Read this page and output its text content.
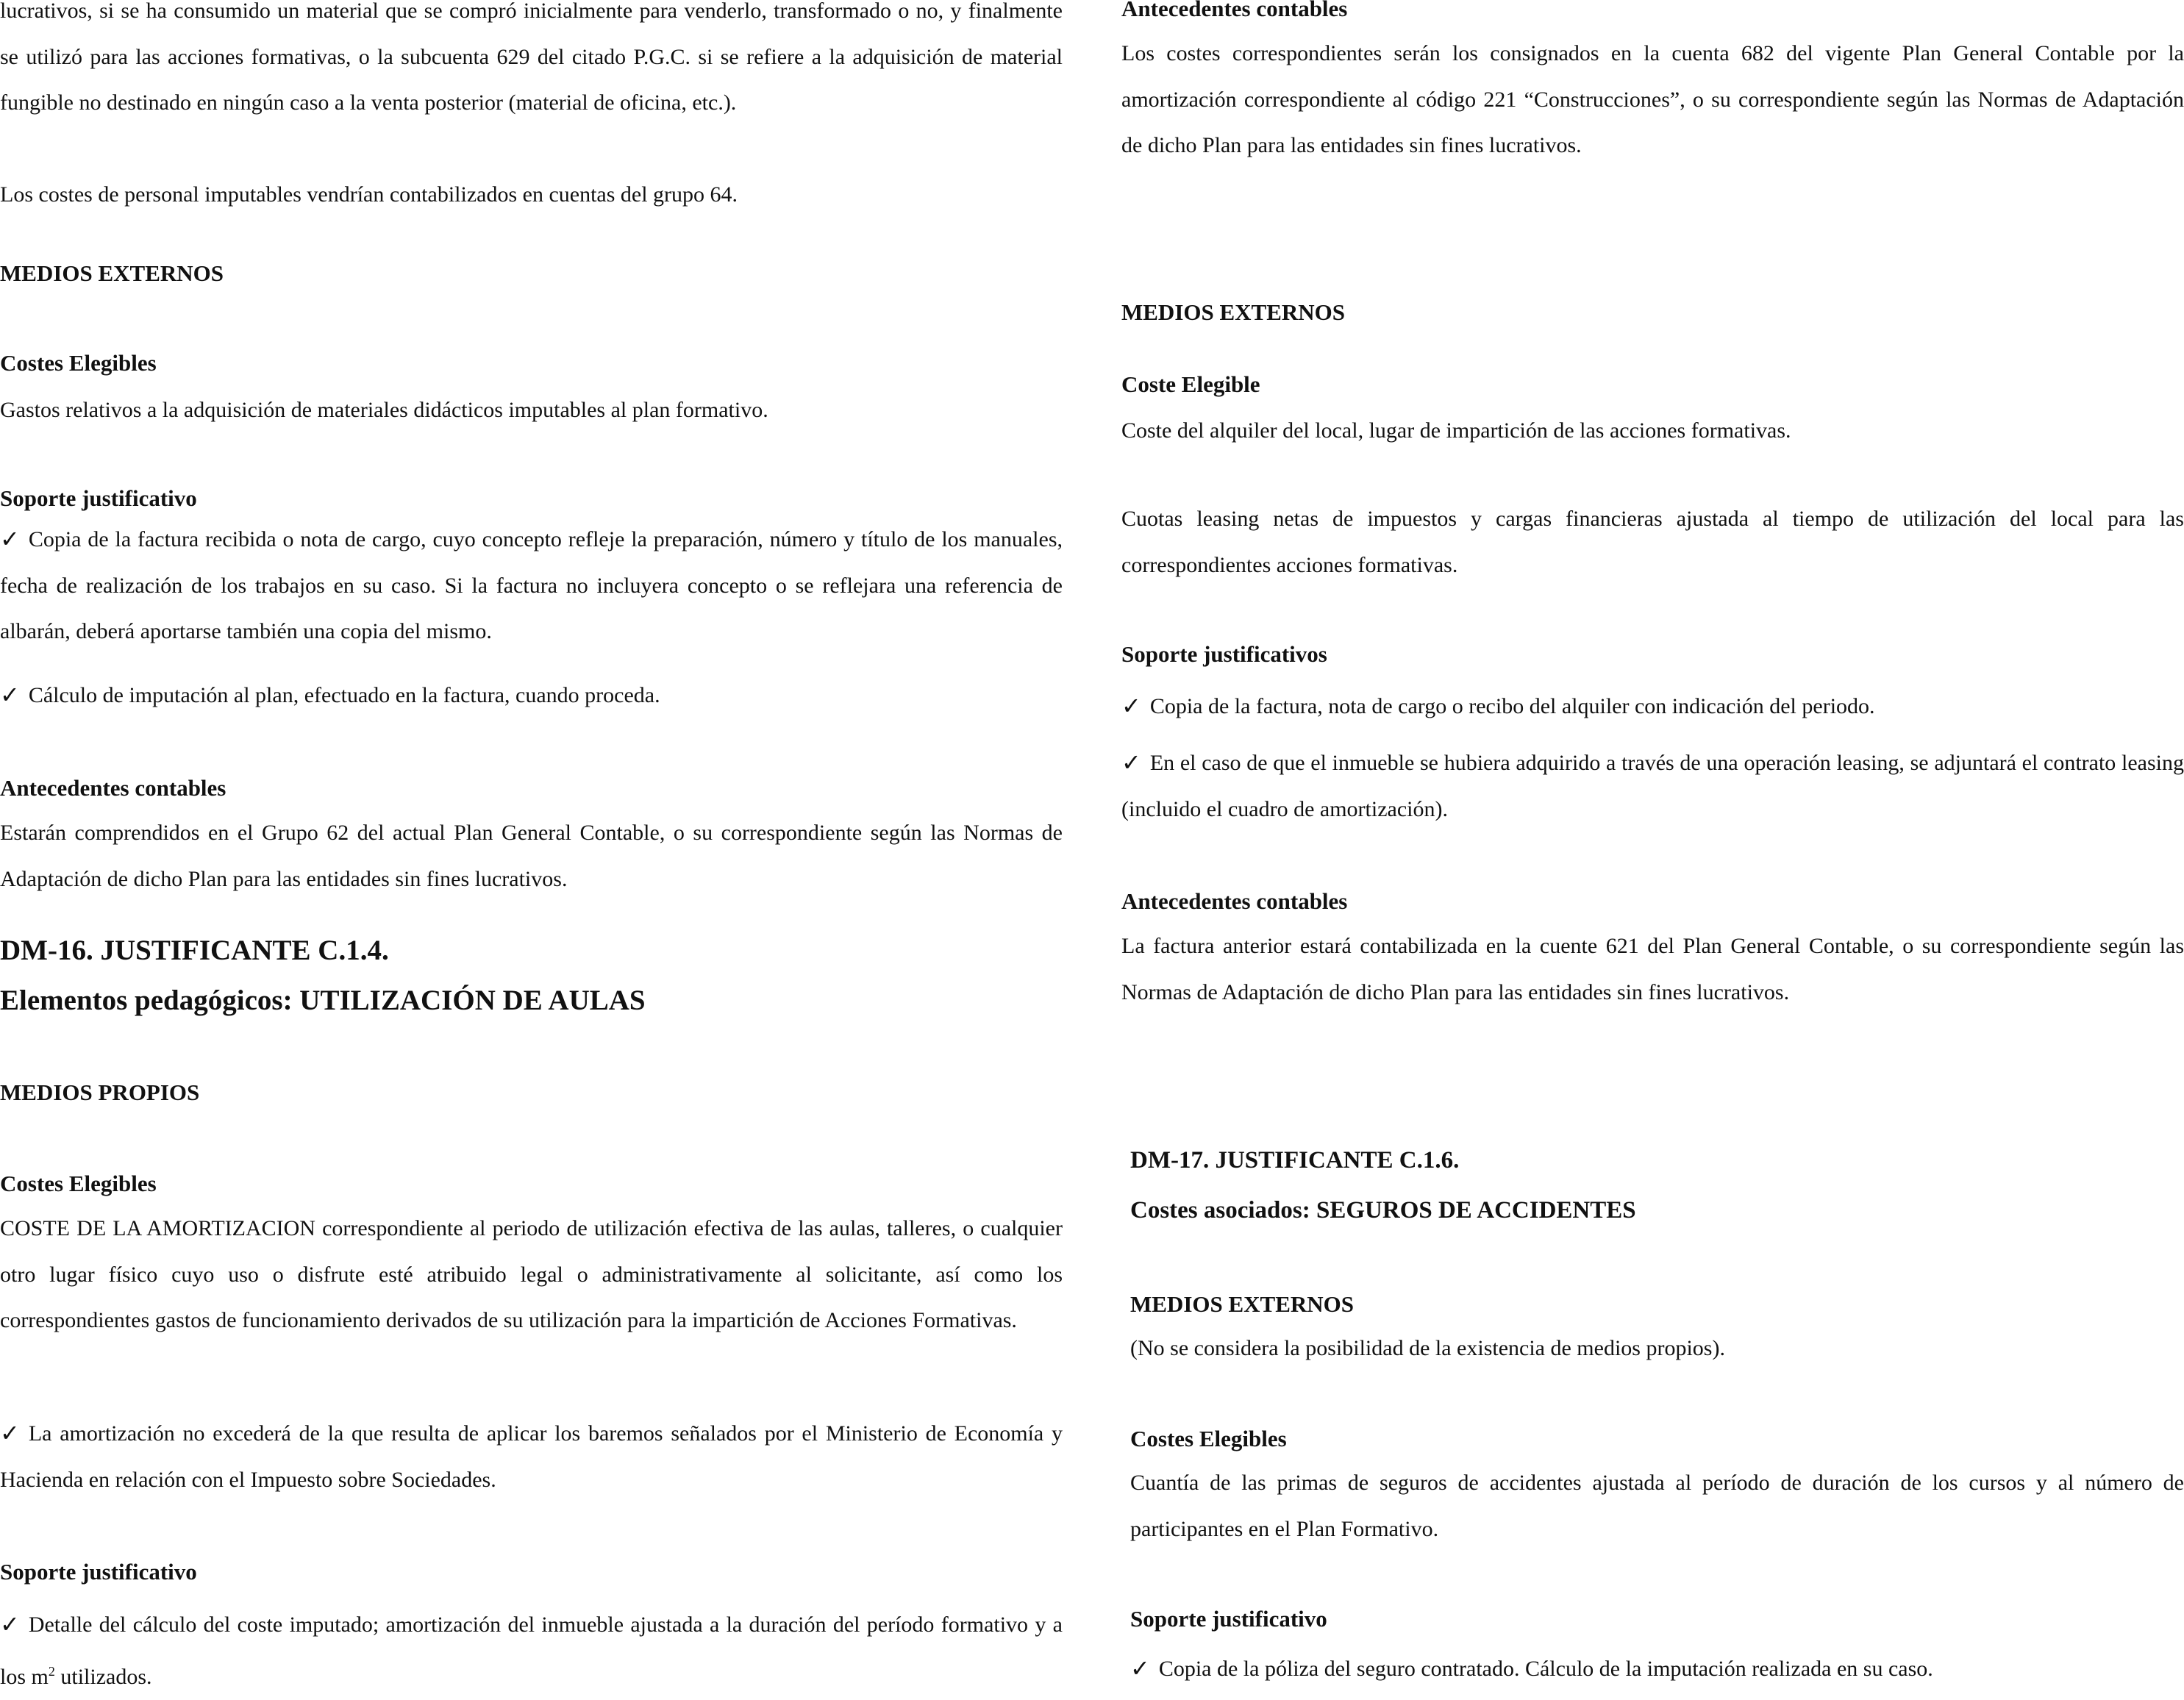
lucrativos, si se ha consumido un material que se compró inicialmente para venderlo, transformado o no, y finalmente se utilizó para las acciones formativas, o la subcuenta 629 del citado P.G.C. si se refiere a la adquisición de material fungible no destinado en ningún caso a la venta posterior (material de oficina, etc.).

Los costes de personal imputables vendrían contabilizados en cuentas del grupo 64.

MEDIOS EXTERNOS

Costes Elegibles

Gastos relativos a la adquisición de materiales didácticos imputables al plan formativo.

Soporte justificativo

✓ Copia de la factura recibida o nota de cargo, cuyo concepto refleje la preparación, número y título de los manuales, fecha de realización de los trabajos en su caso. Si la factura no incluyera concepto o se reflejara una referencia de albarán, deberá aportarse también una copia del mismo.

✓ Cálculo de imputación al plan, efectuado en la factura, cuando proceda.

Antecedentes contables

Estarán comprendidos en el Grupo 62 del actual Plan General Contable, o su correspondiente según las Normas de Adaptación de dicho Plan para las entidades sin fines lucrativos.

DM-16. JUSTIFICANTE C.1.4.

Elementos pedagógicos: UTILIZACIÓN DE AULAS

MEDIOS PROPIOS

Costes Elegibles

COSTE DE LA AMORTIZACION correspondiente al periodo de utilización efectiva de las aulas, talleres, o cualquier otro lugar físico cuyo uso o disfrute esté atribuido legal o administrativamente al solicitante, así como los correspondientes gastos de funcionamiento derivados de su utilización para la impartición de Acciones Formativas.

✓ La amortización no excederá de la que resulta de aplicar los baremos señalados por el Ministerio de Economía y Hacienda en relación con el Impuesto sobre Sociedades.

Soporte justificativo

✓ Detalle del cálculo del coste imputado; amortización del inmueble ajustada a la duración del período formativo y a los $m^2$ utilizados.

Antecedentes contables

Los costes correspondientes serán los consignados en la cuenta 682 del vigente Plan General Contable por la amortización correspondiente al código 221 “Construcciones”, o su correspondiente según las Normas de Adaptación de dicho Plan para las entidades sin fines lucrativos.

MEDIOS EXTERNOS

Coste Elegible

Coste del alquiler del local, lugar de impartición de las acciones formativas.

Cuotas leasing netas de impuestos y cargas financieras ajustada al tiempo de utilización del local para las correspondientes acciones formativas.

Soporte justificativos

✓ Copia de la factura, nota de cargo o recibo del alquiler con indicación del periodo.

✓ En el caso de que el inmueble se hubiera adquirido a través de una operación leasing, se adjuntará el contrato leasing (incluido el cuadro de amortización).

Antecedentes contables

La factura anterior estará contabilizada en la cuente 621 del Plan General Contable, o su correspondiente según las Normas de Adaptación de dicho Plan para las entidades sin fines lucrativos.

DM-17. JUSTIFICANTE C.1.6.

Costes asociados: SEGUROS DE ACCIDENTES

MEDIOS EXTERNOS

(No se considera la posibilidad de la existencia de medios propios).

Costes Elegibles

Cuantía de las primas de seguros de accidentes ajustada al período de duración de los cursos y al número de participantes en el Plan Formativo.

Soporte justificativo

✓ Copia de la póliza del seguro contratado. Cálculo de la imputación realizada en su caso.
